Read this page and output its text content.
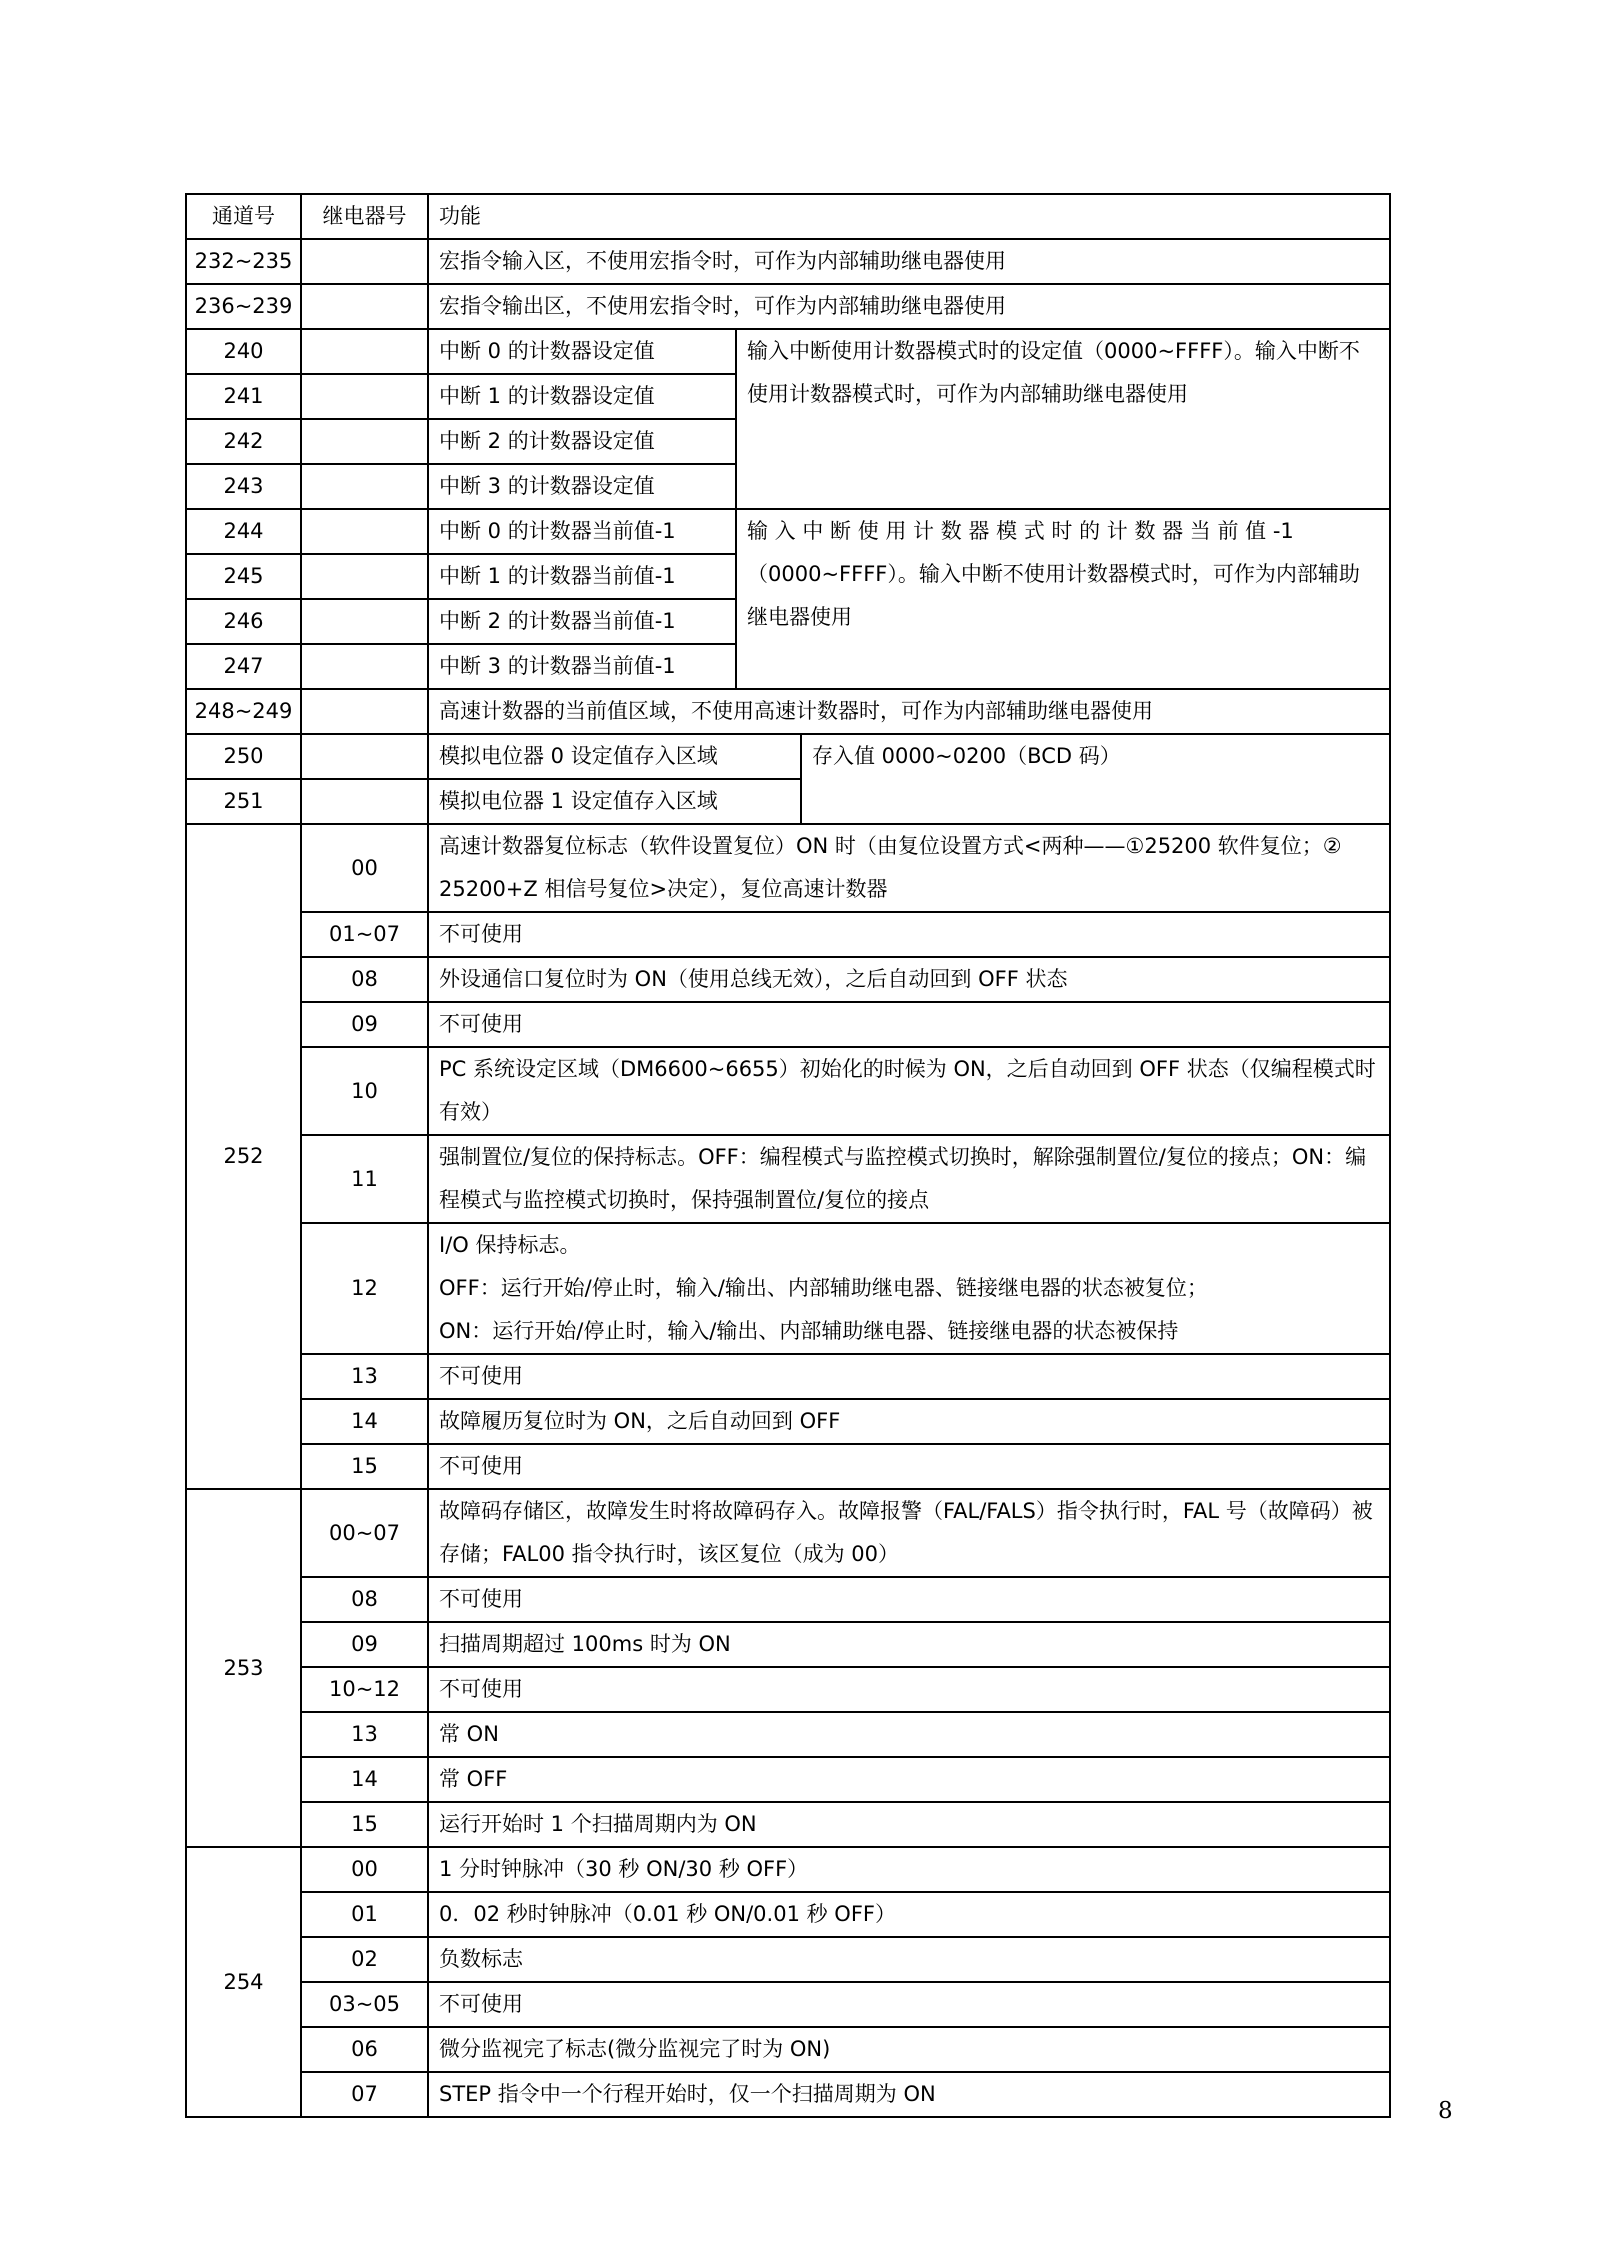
通道号	继电器号	功能		
232~235		宏指令输入区，不使用宏指令时，可作为内部辅助继电器使用		
236~239		宏指令输出区，不使用宏指令时，可作为内部辅助继电器使用		
240		中断 0 的计数器设定值	输入中断使用计数器模式时的设定值（0000~FFFF）。输入中断不使用计数器模式时，可作为内部辅助继电器使用	
241		中断 1 的计数器设定值		
242		中断 2 的计数器设定值		
243		中断 3 的计数器设定值		
244		中断 0 的计数器当前值-1	输 入 中 断 使 用 计 数 器 模 式 时 的 计 数 器 当 前 值 -1
（0000~FFFF）。输入中断不使用计数器模式时，可作为内部辅助继电器使用	

245		中断 1 的计数器当前值-1		
246		中断 2 的计数器当前值-1		
247		中断 3 的计数器当前值-1		
248~249		高速计数器的当前值区域，不使用高速计数器时，可作为内部辅助继电器使用		
250		模拟电位器 0 设定值存入区域		存入值 0000~0200（BCD 码）
251		模拟电位器 1 设定值存入区域		
252	00	高速计数器复位标志（软件设置复位）ON 时（由复位设置方式<两种——①25200 软件复位；② 25200+Z 相信号复位>决定），复位高速计数器		
	01~07	不可使用		
	08	外设通信口复位时为 ON（使用总线无效），之后自动回到 OFF 状态		
	09	不可使用		
	10	PC 系统设定区域（DM6600~6655）初始化的时候为 ON，之后自动回到 OFF 状态（仅编程模式时有效）		
	11	强制置位/复位的保持标志。OFF：编程模式与监控模式切换时，解除强制置位/复位的接点；ON：编程模式与监控模式切换时，保持强制置位/复位的接点		
	12	I/O 保持标志。
OFF：运行开始/停止时，输入/输出、内部辅助继电器、链接继电器的状态被复位；
ON：运行开始/停止时，输入/输出、内部辅助继电器、链接继电器的状态被保持		

	13	不可使用		
	14	故障履历复位时为 ON，之后自动回到 OFF		
	15	不可使用		
253	00~07	故障码存储区，故障发生时将故障码存入。故障报警（FAL/FALS）指令执行时，FAL 号（故障码）被存储；FAL00 指令执行时，该区复位（成为 00）		
	08	不可使用		
	09	扫描周期超过 100ms 时为 ON		
	10~12	不可使用		
	13	常 ON		
	14	常 OFF		
	15	运行开始时 1 个扫描周期内为 ON		
254	00	1 分时钟脉冲（30 秒 ON/30 秒 OFF）		
	01	0．02 秒时钟脉冲（0.01 秒 ON/0.01 秒 OFF）		
	02	负数标志		
	03~05	不可使用		
	06	微分监视完了标志(微分监视完了时为 ON)		
	07	STEP 指令中一个行程开始时，仅一个扫描周期为 ON		
8
